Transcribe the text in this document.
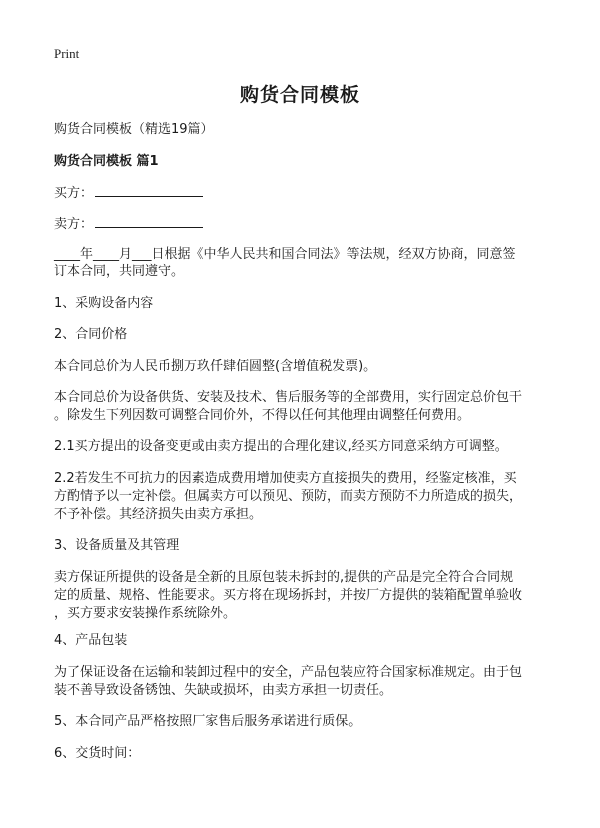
Print
购货合同模板
购货合同模板（精选19篇）
购货合同模板 篇1
买方：
卖方：
____年____月___日根据《中华人民共和国合同法》等法规，经双方协商，同意签
订本合同，共同遵守。
1、采购设备内容
2、合同价格
本合同总价为人民币捌万玖仟肆佰圆整(含增值税发票)。
本合同总价为设备供货、安装及技术、售后服务等的全部费用，实行固定总价包干
。除发生下列因数可调整合同价外，不得以任何其他理由调整任何费用。
2.1买方提出的设备变更或由卖方提出的合理化建议,经买方同意采纳方可调整。
2.2若发生不可抗力的因素造成费用增加使卖方直接损失的费用，经鉴定核准，买
方酌情予以一定补偿。但属卖方可以预见、预防，而卖方预防不力所造成的损失，
不予补偿。其经济损失由卖方承担。
3、设备质量及其管理
卖方保证所提供的设备是全新的且原包装未拆封的,提供的产品是完全符合合同规
定的质量、规格、性能要求。买方将在现场拆封，并按厂方提供的装箱配置单验收
，买方要求安装操作系统除外。
4、产品包装
为了保证设备在运输和装卸过程中的安全，产品包装应符合国家标准规定。由于包
装不善导致设备锈蚀、失缺或损坏，由卖方承担一切责任。
5、本合同产品严格按照厂家售后服务承诺进行质保。
6、交货时间：
